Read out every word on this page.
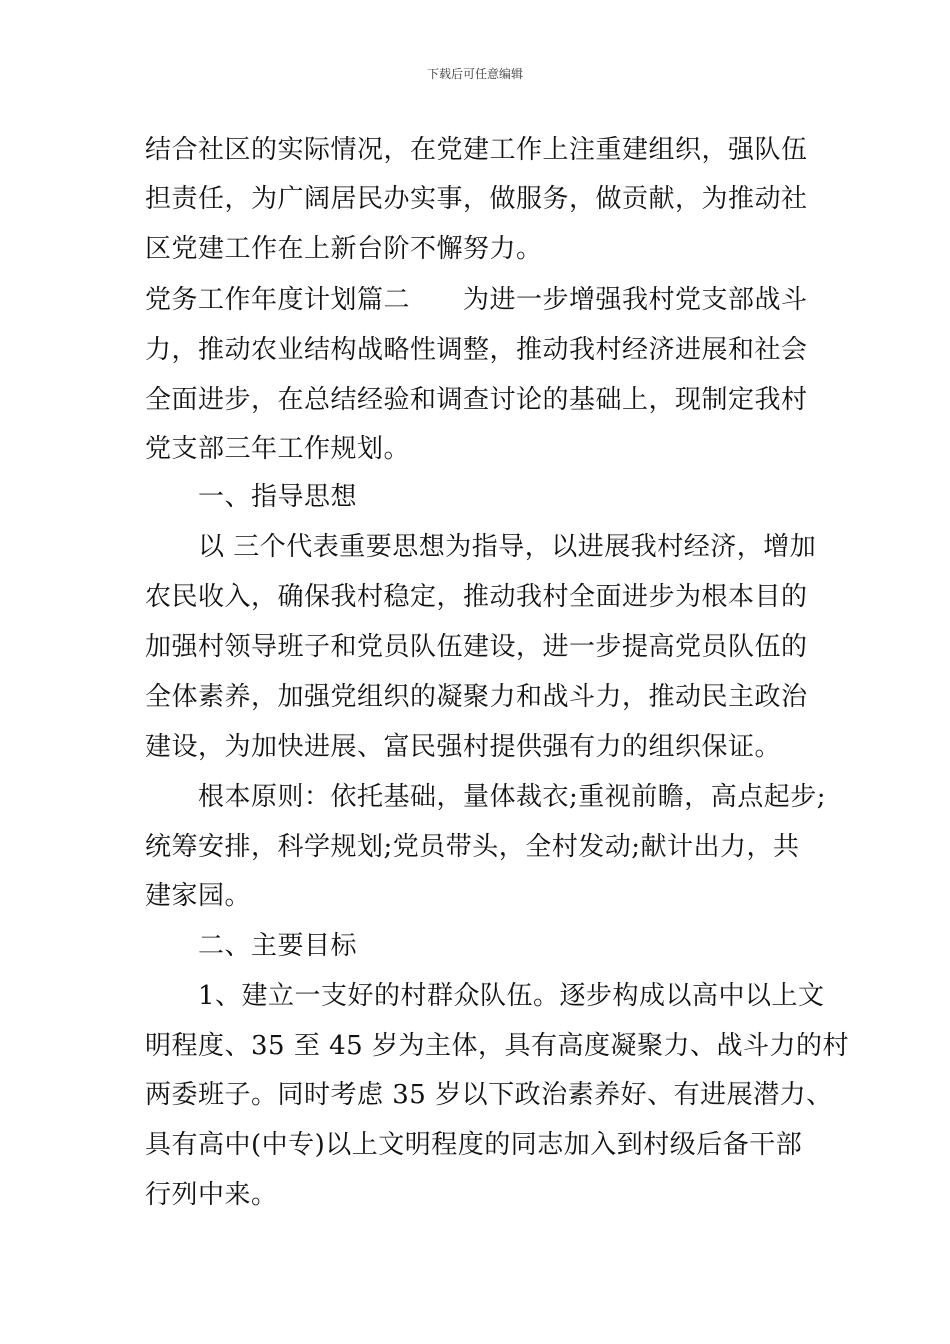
下载后可任意编辑
结合社区的实际情况，在党建工作上注重建组织，强队伍
担责任，为广阔居民办实事，做服务，做贡献，为推动社
区党建工作在上新台阶不懈努力。
党务工作年度计划篇二　　为进一步增强我村党支部战斗
力，推动农业结构战略性调整，推动我村经济进展和社会
全面进步，在总结经验和调查讨论的基础上，现制定我村
党支部三年工作规划。
　　一、指导思想
　　以 三个代表重要思想为指导，以进展我村经济，增加
农民收入，确保我村稳定，推动我村全面进步为根本目的
加强村领导班子和党员队伍建设，进一步提高党员队伍的
全体素养，加强党组织的凝聚力和战斗力，推动民主政治
建设，为加快进展、富民强村提供强有力的组织保证。
　　根本原则：依托基础，量体裁衣;重视前瞻，高点起步;
统筹安排，科学规划;党员带头，全村发动;献计出力，共
建家园。
　　二、主要目标
　　1、建立一支好的村群众队伍。逐步构成以高中以上文
明程度、35 至 45 岁为主体，具有高度凝聚力、战斗力的村
两委班子。同时考虑 35 岁以下政治素养好、有进展潜力、
具有高中(中专)以上文明程度的同志加入到村级后备干部
行列中来。
